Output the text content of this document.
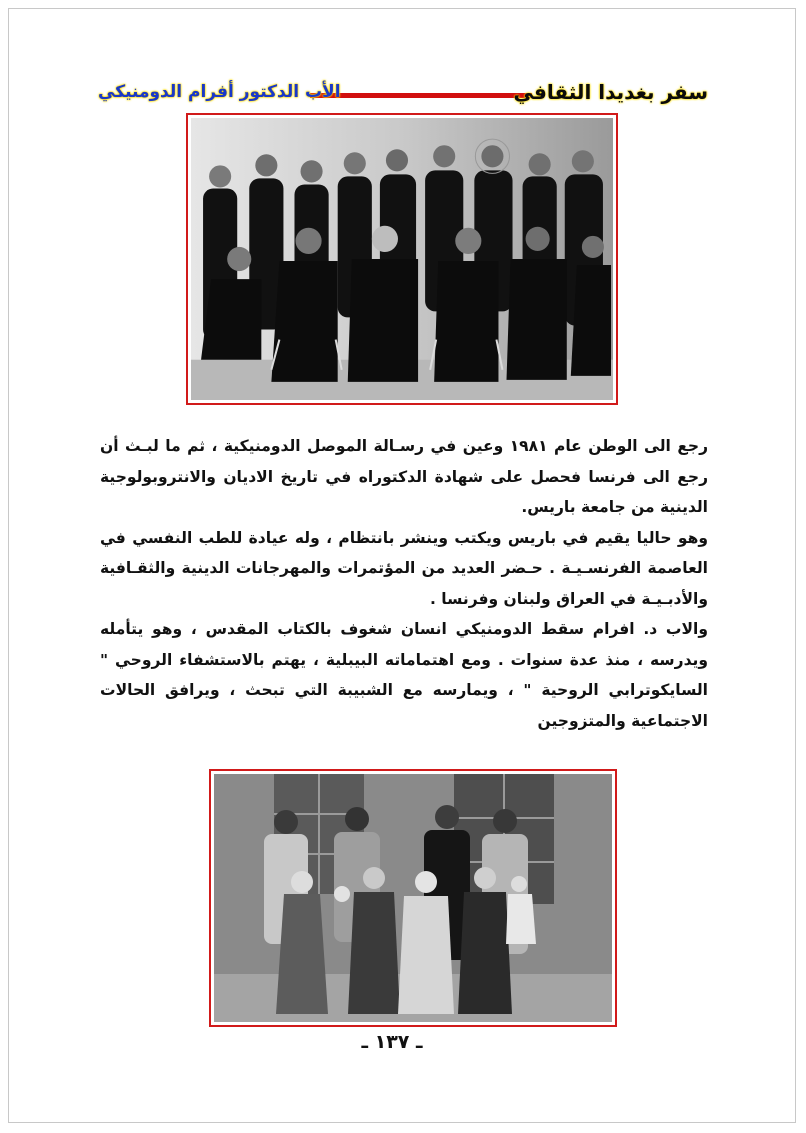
سفر بغديدا الثقافي
الأب الدكتور أفرام الدومنيكي

رجع الى الوطن عام ١٩٨١ وعين في رسـالة الموصل الدومنيكية ، ثم ما لبـث أن رجع الى فرنسا فحصل على شهادة الدكتوراه في تاريخ الاديان والانتروبولوجية الدينية من جامعة باريس.

وهو حاليا يقيم في باريس ويكتب وينشر بانتظام ، وله عيادة للطب النفسي في العاصمة الفرنسـيـة . حـضر العديد من المؤتمرات والمهرجانات الدينية والثقـافية والأدبـيـة في العراق ولبنان وفرنسا .

والاب د. افرام سقط الدومنيكي انسان شغوف بالكتاب المقدس ، وهو يتأمله ويدرسه ، منذ عدة سنوات . ومع اهتماماته البيبلية ، يهتم بالاستشفاء الروحي " السايكوترابي الروحية " ، ويمارسه مع الشبيبة التي تبحث ، ويرافق الحالات الاجتماعية والمتزوجين

ـ ١٣٧ ـ
